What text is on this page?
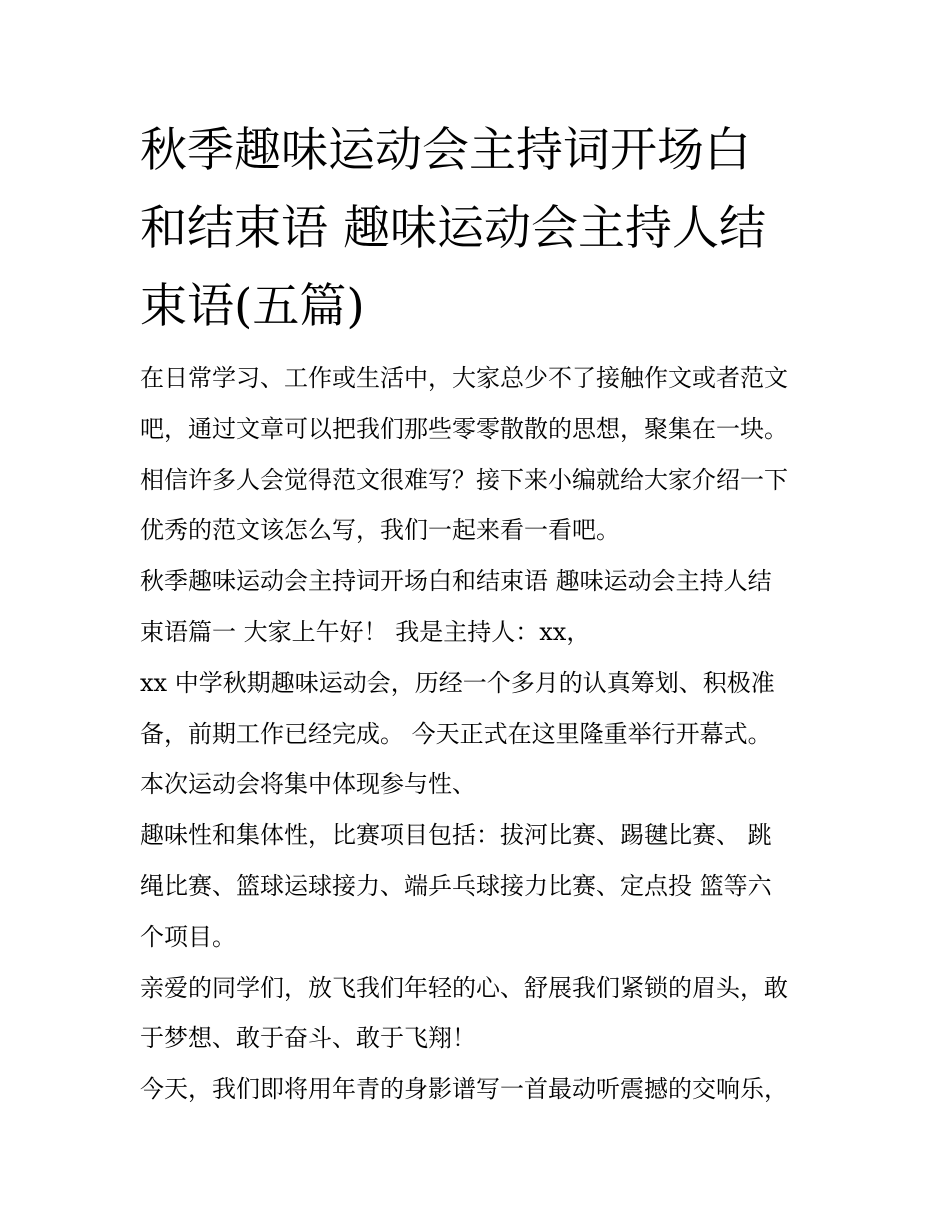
秋季趣味运动会主持词开场白
和结束语 趣味运动会主持人结
束语(五篇)

在日常学习、工作或生活中，大家总少不了接触作文或者范文

吧，通过文章可以把我们那些零零散散的思想，聚集在一块。

相信许多人会觉得范文很难写？接下来小编就给大家介绍一下

优秀的范文该怎么写，我们一起来看一看吧。

秋季趣味运动会主持词开场白和结束语 趣味运动会主持人结

束语篇一 大家上午好！ 我是主持人：xx，

xx 中学秋期趣味运动会，历经一个多月的认真筹划、积极准

备，前期工作已经完成。 今天正式在这里隆重举行开幕式。

本次运动会将集中体现参与性、

趣味性和集体性，比赛项目包括：拔河比赛、踢毽比赛、 跳

绳比赛、篮球运球接力、端乒乓球接力比赛、定点投 篮等六

个项目。

亲爱的同学们，放飞我们年轻的心、舒展我们紧锁的眉头，敢

于梦想、敢于奋斗、敢于飞翔！

今天，我们即将用年青的身影谱写一首最动听震撼的交响乐，
